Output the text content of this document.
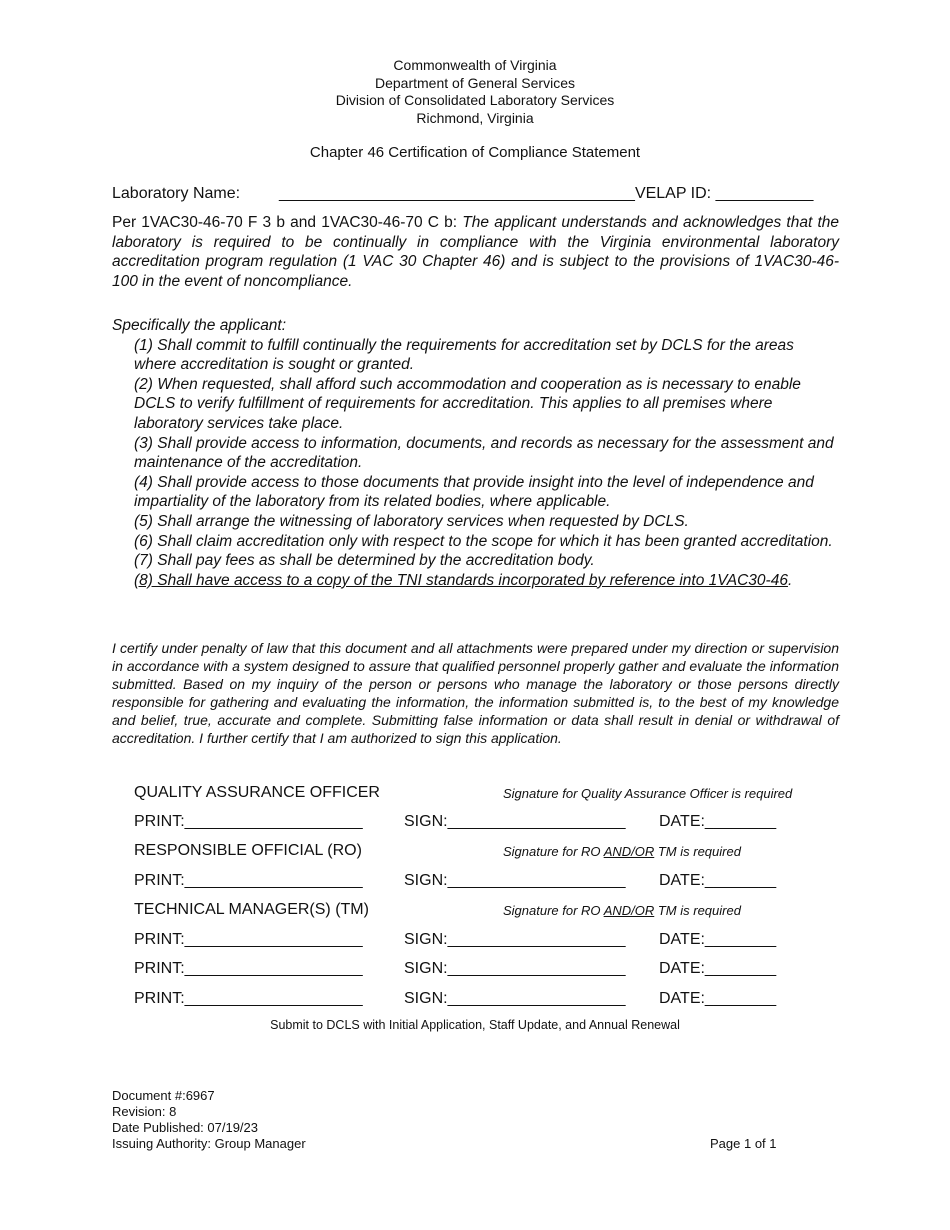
Commonwealth of Virginia
Department of General Services
Division of Consolidated Laboratory Services
Richmond, Virginia
Chapter 46 Certification of Compliance Statement
Laboratory Name: ________________________________________VELAP ID: ___________
Per 1VAC30-46-70 F 3 b and 1VAC30-46-70 C b: The applicant understands and acknowledges that the laboratory is required to be continually in compliance with the Virginia environmental laboratory accreditation program regulation (1 VAC 30 Chapter 46) and is subject to the provisions of 1VAC30-46-100 in the event of noncompliance.
Specifically the applicant:
(1) Shall commit to fulfill continually the requirements for accreditation set by DCLS for the areas where accreditation is sought or granted.
(2) When requested, shall afford such accommodation and cooperation as is necessary to enable DCLS to verify fulfillment of requirements for accreditation. This applies to all premises where laboratory services take place.
(3) Shall provide access to information, documents, and records as necessary for the assessment and maintenance of the accreditation.
(4) Shall provide access to those documents that provide insight into the level of independence and impartiality of the laboratory from its related bodies, where applicable.
(5) Shall arrange the witnessing of laboratory services when requested by DCLS.
(6) Shall claim accreditation only with respect to the scope for which it has been granted accreditation.
(7) Shall pay fees as shall be determined by the accreditation body.
(8) Shall have access to a copy of the TNI standards incorporated by reference into 1VAC30-46.
I certify under penalty of law that this document and all attachments were prepared under my direction or supervision in accordance with a system designed to assure that qualified personnel properly gather and evaluate the information submitted. Based on my inquiry of the person or persons who manage the laboratory or those persons directly responsible for gathering and evaluating the information, the information submitted is, to the best of my knowledge and belief, true, accurate and complete. Submitting false information or data shall result in denial or withdrawal of accreditation. I further certify that I am authorized to sign this application.
QUALITY ASSURANCE OFFICER	Signature for Quality Assurance Officer is required
PRINT:____________________	SIGN:____________________ DATE:________
RESPONSIBLE OFFICIAL (RO)	Signature for RO AND/OR TM is required
PRINT:____________________	SIGN:____________________ DATE:________
TECHNICAL MANAGER(S) (TM)	Signature for RO AND/OR TM is required
PRINT:____________________	SIGN:____________________ DATE:________
PRINT:____________________	SIGN:____________________ DATE:________
PRINT:____________________	SIGN:____________________ DATE:________
Submit to DCLS with Initial Application, Staff Update, and Annual Renewal
Document #:6967
Revision: 8
Date Published: 07/19/23
Issuing Authority: Group Manager	Page 1 of 1
